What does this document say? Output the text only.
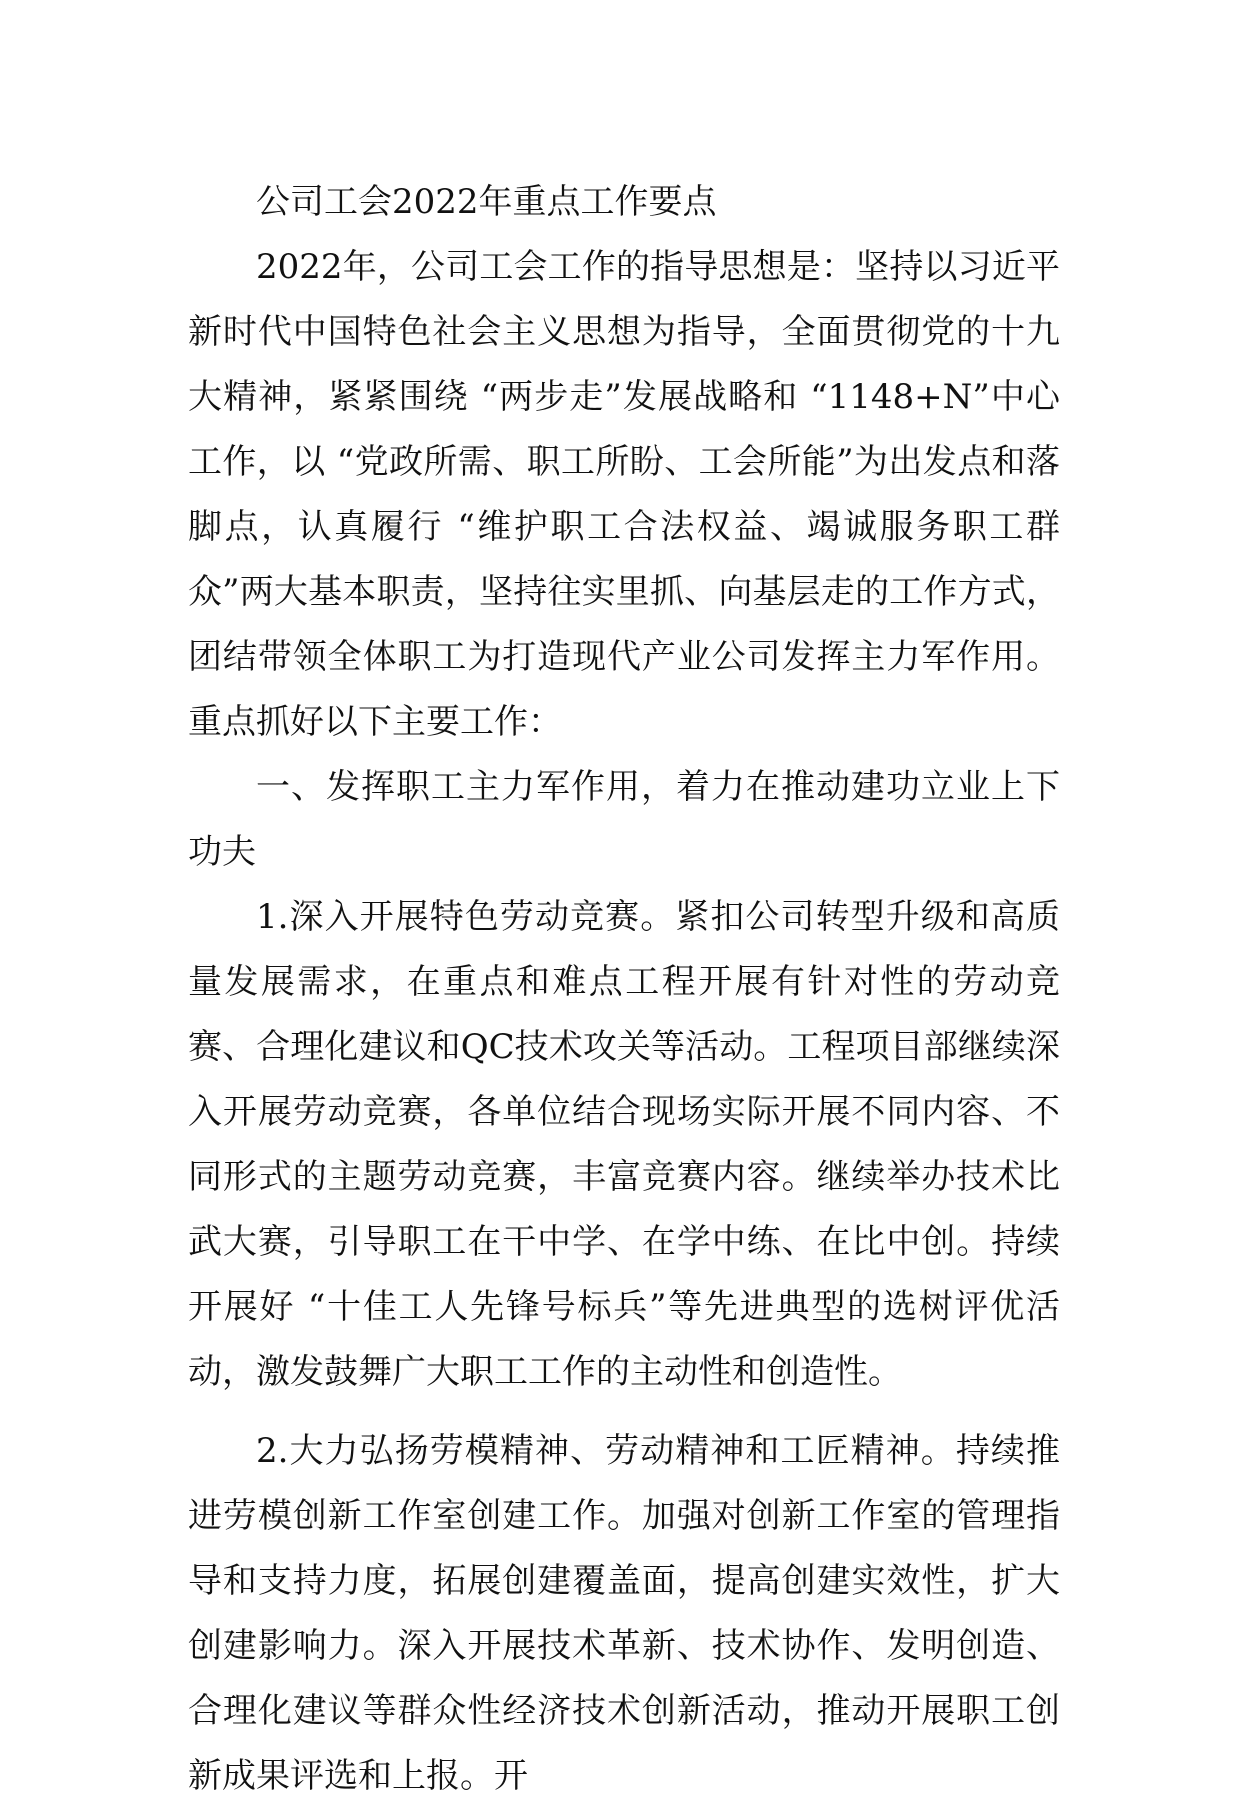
公司工会2022年重点工作要点

2022年，公司工会工作的指导思想是：坚持以习近平新时代中国特色社会主义思想为指导，全面贯彻党的十九大精神，紧紧围绕 “两步走”发展战略和 “1148+N”中心工作，以 “党政所需、职工所盼、工会所能”为出发点和落脚点，认真履行 “维护职工合法权益、竭诚服务职工群众”两大基本职责，坚持往实里抓、向基层走的工作方式，团结带领全体职工为打造现代产业公司发挥主力军作用。重点抓好以下主要工作：

一、发挥职工主力军作用，着力在推动建功立业上下功夫

1.深入开展特色劳动竞赛。紧扣公司转型升级和高质量发展需求，在重点和难点工程开展有针对性的劳动竞赛、合理化建议和QC技术攻关等活动。工程项目部继续深入开展劳动竞赛，各单位结合现场实际开展不同内容、不同形式的主题劳动竞赛，丰富竞赛内容。继续举办技术比武大赛，引导职工在干中学、在学中练、在比中创。持续开展好 “十佳工人先锋号标兵”等先进典型的选树评优活动，激发鼓舞广大职工工作的主动性和创造性。

2.大力弘扬劳模精神、劳动精神和工匠精神。持续推进劳模创新工作室创建工作。加强对创新工作室的管理指导和支持力度，拓展创建覆盖面，提高创建实效性，扩大创建影响力。深入开展技术革新、技术协作、发明创造、合理化建议等群众性经济技术创新活动，推动开展职工创新成果评选和上报。开
